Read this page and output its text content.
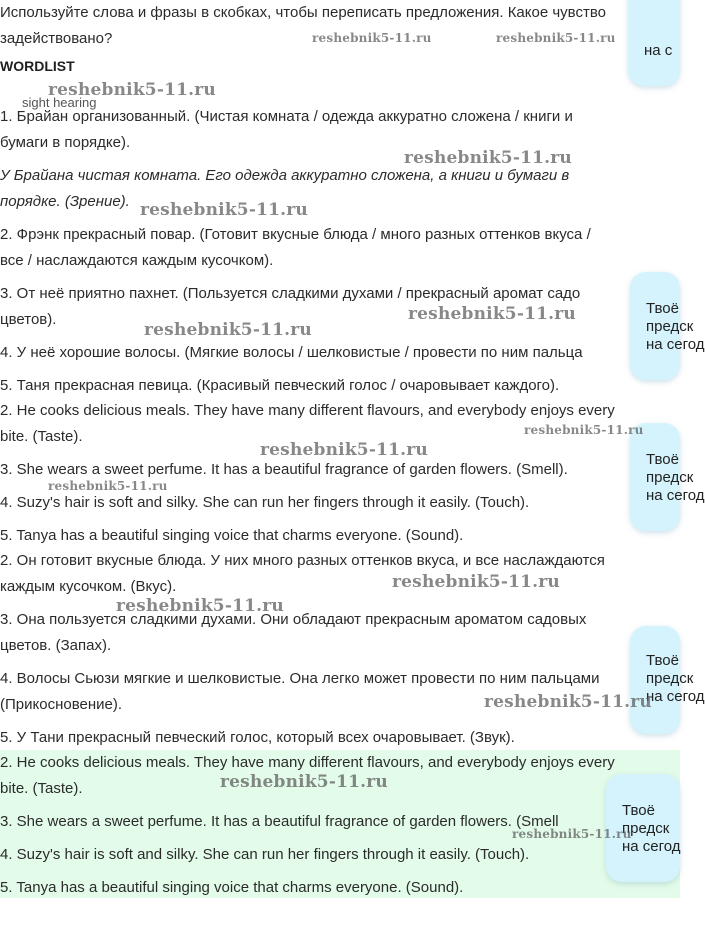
Используйте слова и фразы в скобках, чтобы переписать предложения. Какое чувство
задействовано?
WORDLIST
sight hearing
1. Брайан организованный. (Чистая комната / одежда аккуратно сложена / книги и
бумаги в порядке).
У Брайана чистая комната. Его одежда аккуратно сложена, а книги и бумаги в
порядке. (Зрение).
2. Фрэнк прекрасный повар. (Готовит вкусные блюда / много разных оттенков вкуса /
все / наслаждаются каждым кусочком).
3. От неё приятно пахнет. (Пользуется сладкими духами / прекрасный аромат садо
цветов).
4. У неё хорошие волосы. (Мягкие волосы / шелковистые / провести по ним пальца
5. Таня прекрасная певица. (Красивый певческий голос / очаровывает каждого).
2. He cooks delicious meals. They have many different flavours, and everybody enjoys every
bite. (Taste).
3. She wears a sweet perfume. It has a beautiful fragrance of garden flowers. (Smell).
4. Suzy's hair is soft and silky. She can run her fingers through it easily. (Touch).
5. Tanya has a beautiful singing voice that charms everyone. (Sound).
2. Он готовит вкусные блюда. У них много разных оттенков вкуса, и все наслаждаются
каждым кусочком. (Вкус).
3. Она пользуется сладкими духами. Они обладают прекрасным ароматом садовых
цветов. (Запах).
4. Волосы Сьюзи мягкие и шелковистые. Она легко может провести по ним пальцами
(Прикосновение).
5. У Тани прекрасный певческий голос, который всех очаровывает. (Звук).
2. He cooks delicious meals. They have many different flavours, and everybody enjoys every
bite. (Taste).
3. She wears a sweet perfume. It has a beautiful fragrance of garden flowers. (Smell
4. Suzy's hair is soft and silky. She can run her fingers through it easily. (Touch).
5. Tanya has a beautiful singing voice that charms everyone. (Sound).
на с
Твоё
предск
на сегод
Твоё
предск
на сегод
Твоё
предск
на сегод
Твоё
предск
на сегод
reshebnik5-11.ru	reshebnik5-11.ru
reshebnik5-11.ru
reshebnik5-11.ru
reshebnik5-11.ru
reshebnik5-11.ru
reshebnik5-11.ru
reshebnik5-11.ru
reshebnik5-11.ru
reshebnik5-11.ru
reshebnik5-11.ru
reshebnik5-11.ru
reshebnik5-11.ru
reshebnik5-11.ru
reshebnik5-11.ru
